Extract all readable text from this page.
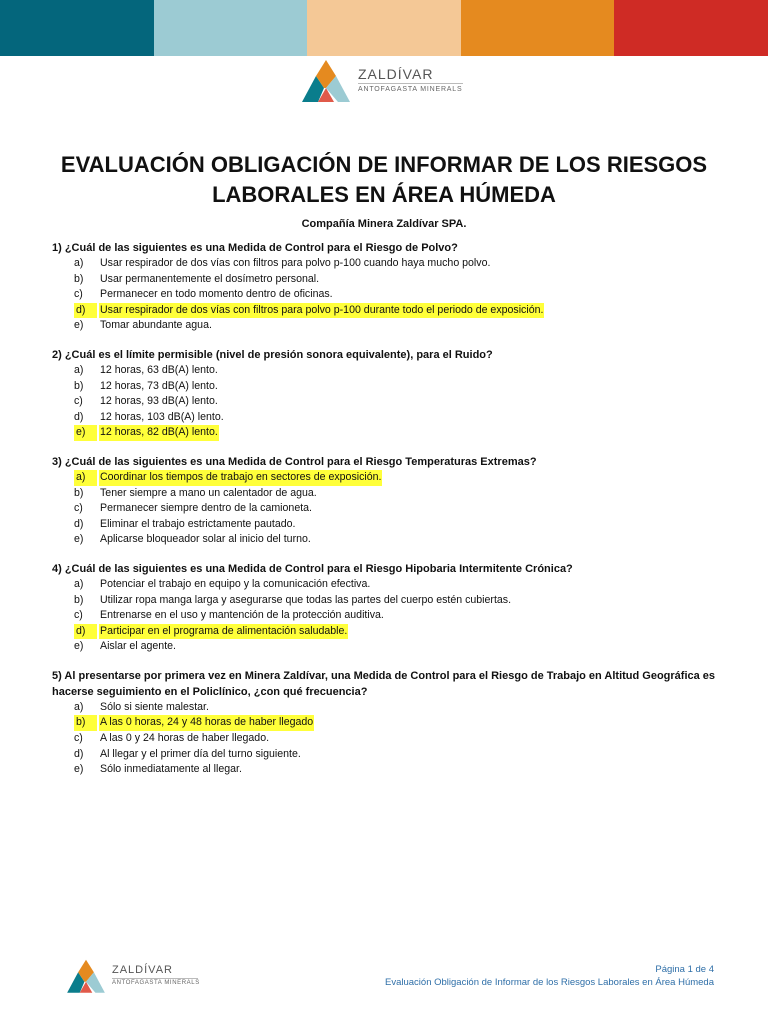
ZALDÍVAR
ANTOFAGASTA MINERALS
EVALUACIÓN OBLIGACIÓN DE INFORMAR DE LOS RIESGOS
LABORALES EN ÁREA HÚMEDA
Compañía Minera Zaldívar SPA.

1) ¿Cuál de las siguientes es una Medida de Control para el Riesgo de Polvo?

a)	Usar respirador de dos vías con filtros para polvo p-100 cuando haya mucho polvo.
b)	Usar permanentemente el dosímetro personal.
c)	Permanecer en todo momento dentro de oficinas.
d)	Usar respirador de dos vías con filtros para polvo p-100 durante todo el periodo de exposición.
e)	Tomar abundante agua.

2) ¿Cuál es el límite permisible (nivel de presión sonora equivalente), para el Ruido?

a)	12 horas, 63 dB(A) lento.
b)	12 horas, 73 dB(A) lento.
c)	12 horas, 93 dB(A) lento.
d)	12 horas, 103 dB(A) lento.
e)	12 horas, 82 dB(A) lento.

3) ¿Cuál de las siguientes es una Medida de Control para el Riesgo Temperaturas Extremas?

a)	Coordinar los tiempos de trabajo en sectores de exposición.
b)	Tener siempre a mano un calentador de agua.
c)	Permanecer siempre dentro de la camioneta.
d)	Eliminar el trabajo estrictamente pautado.
e)	Aplicarse bloqueador solar al inicio del turno.

4) ¿Cuál de las siguientes es una Medida de Control para el Riesgo Hipobaria Intermitente Crónica?

a)	Potenciar el trabajo en equipo y la comunicación efectiva.
b)	Utilizar ropa manga larga y asegurarse que todas las partes del cuerpo estén cubiertas.
c)	Entrenarse en el uso y mantención de la protección auditiva.
d)	Participar en el programa de alimentación saludable.
e)	Aislar el agente.

5) Al presentarse por primera vez en Minera Zaldívar, una Medida de Control para el Riesgo de Trabajo en Altitud Geográfica es hacerse seguimiento en el Policlínico, ¿con qué frecuencia?

a)	Sólo si siente malestar.
b)	A las 0 horas, 24 y 48 horas de haber llegado
c)	A las 0 y 24 horas de haber llegado.
d)	Al llegar y el primer día del turno siguiente.
e)	Sólo inmediatamente al llegar.
ZALDÍVAR
ANTOFAGASTA MINERALS
Página 1 de 4
Evaluación Obligación de Informar de los Riesgos Laborales en Área Húmeda
